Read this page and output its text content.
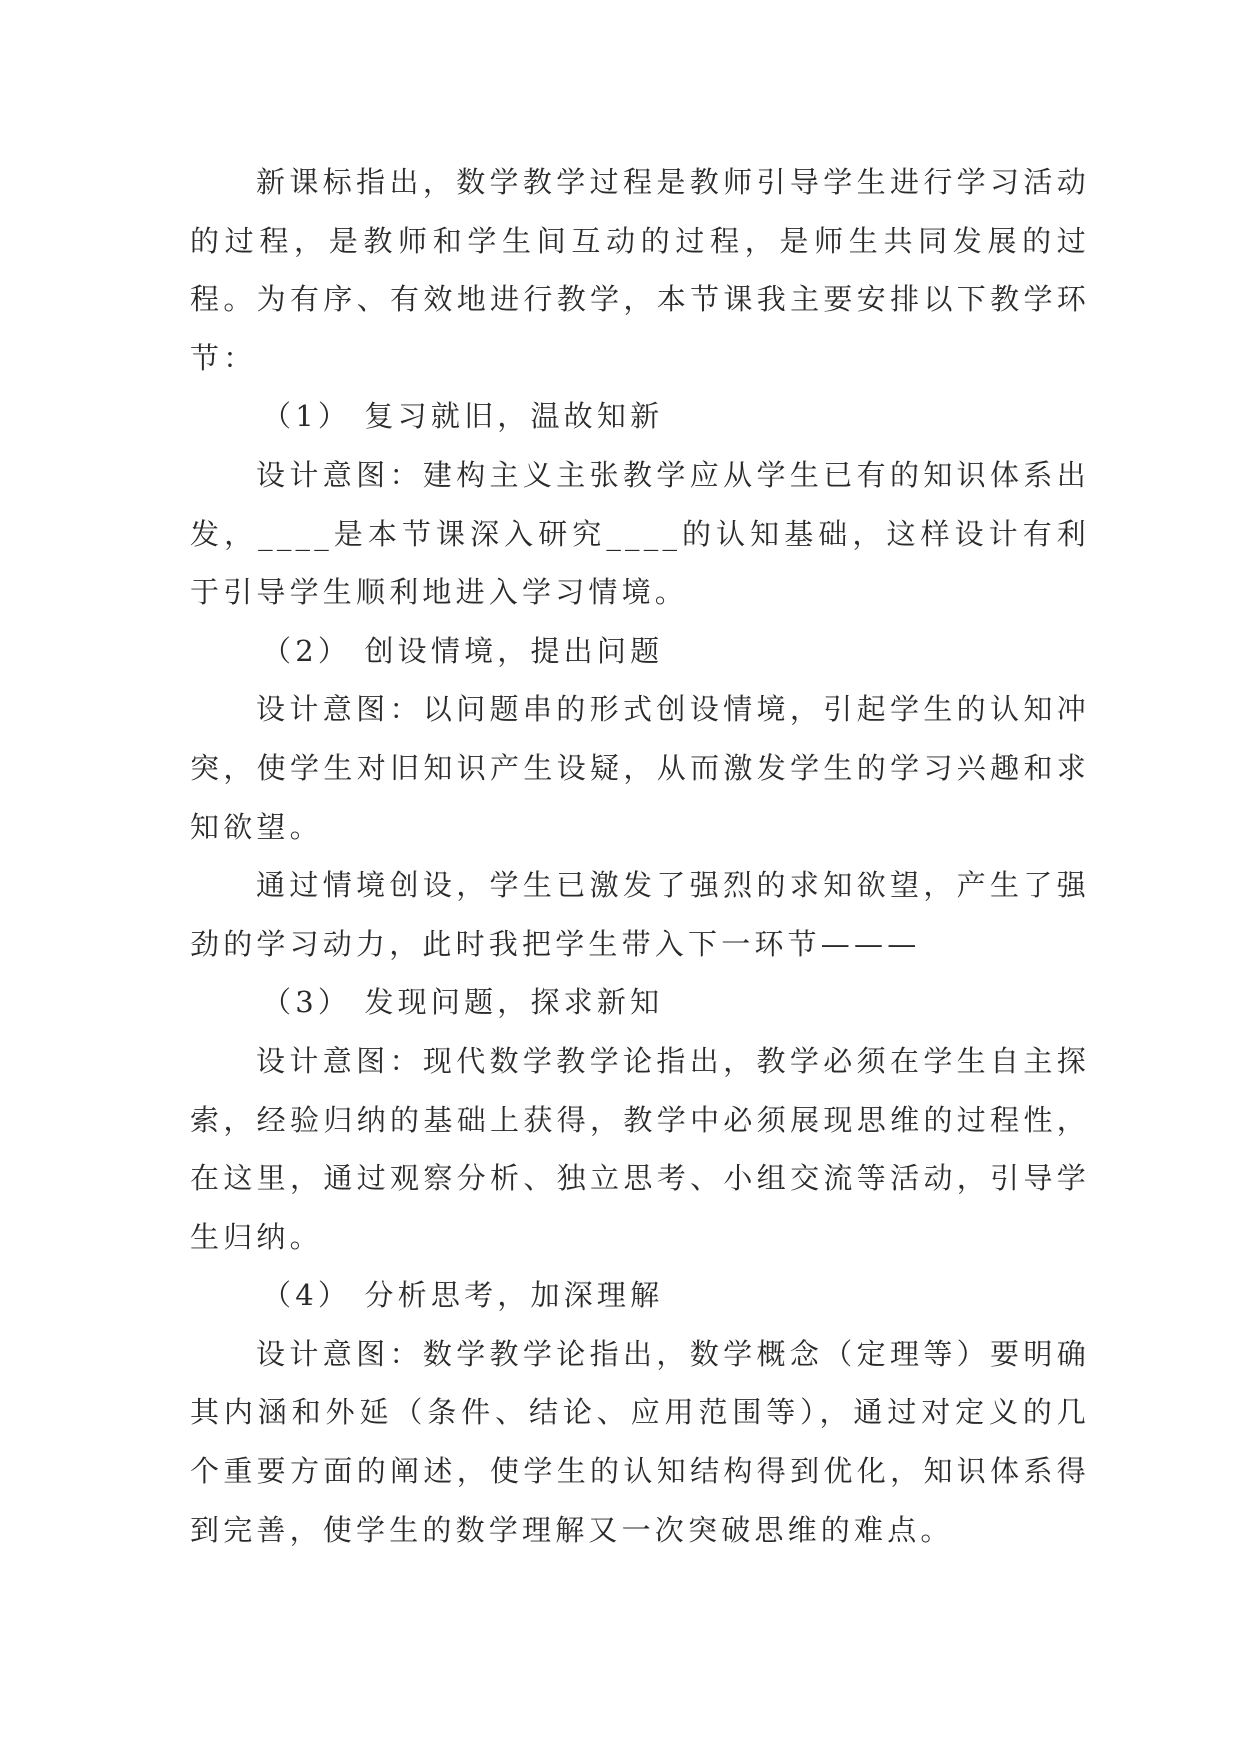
新课标指出，数学教学过程是教师引导学生进行学习活动的过程，是教师和学生间互动的过程，是师生共同发展的过程。为有序、有效地进行教学，本节课我主要安排以下教学环节：

（1） 复习就旧，温故知新

设计意图：建构主义主张教学应从学生已有的知识体系出发，____是本节课深入研究____的认知基础，这样设计有利于引导学生顺利地进入学习情境。

（2） 创设情境，提出问题

设计意图：以问题串的形式创设情境，引起学生的认知冲突，使学生对旧知识产生设疑，从而激发学生的学习兴趣和求知欲望。

通过情境创设，学生已激发了强烈的求知欲望，产生了强劲的学习动力，此时我把学生带入下一环节———

（3） 发现问题，探求新知

设计意图：现代数学教学论指出，教学必须在学生自主探索，经验归纳的基础上获得，教学中必须展现思维的过程性，在这里，通过观察分析、独立思考、小组交流等活动，引导学生归纳。

（4） 分析思考，加深理解

设计意图：数学教学论指出，数学概念（定理等）要明确其内涵和外延（条件、结论、应用范围等），通过对定义的几个重要方面的阐述，使学生的认知结构得到优化，知识体系得到完善，使学生的数学理解又一次突破思维的难点。
